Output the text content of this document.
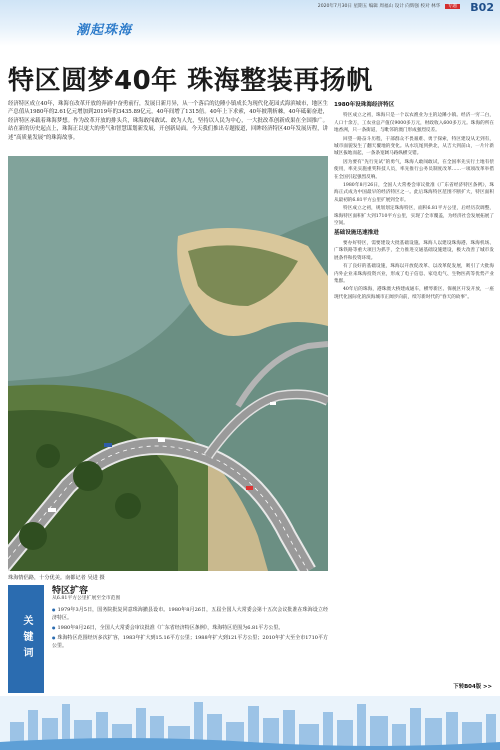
潮起珠海
2020年7月30日 星期五 编辑 周福山 设计 向辉强 校对 林华 专题 B02
特区圆梦40年 珠海整装再扬帆

经济特区成立40年，珠海在改革开放的奔涌中奋勇前行，发展日新月异，从一个落后的边陲小镇成长为现代化花园式海滨城市，地区生产总值从1980年的2.61亿元增加到2019年的3435.89亿元，40年间增了1315倍。40年上下求索，40年披荆斩棘，40年砥砺奋进，经济特区承载着珠海梦想。作为改革开放的排头兵，珠海敢闯敢试、敢为人先，坚持以人民为中心，一大批改革创新成果在全国推广。站在新的历史起点上，珠海正以更大的勇气和智慧谋划新发展，开创新局面。今天我们推出专题报道，回眸经济特区40年发展历程，讲述“高质量发展”的珠海故事。

珠海情侣路，十分优美。南都记者 吴进 摄
1980年设珠海经济特区

特区成立之初，珠海只是一个以农渔业为主的边陲小镇。经济一穷二白，人口十余万，工农业总产值仅9000多万元，财政收入600多万元。珠海的所在地香洲，只一条街道，与毗邻的澳门形成强烈反差。

回望一路奋斗历程，干部群众不畏艰难、勇于探索，特区建设从无到有，城市面貌发生了翻天覆地的变化。从水坑尾到拱北，从吉大到前山，一片片新城区拔地而起，一条条宽阔马路纵横交错。

因为要有“先行先试”的勇气，珠海人敢闯敢试，在全国率先实行土地有偿使用，率先实施重奖科技人员，率先推行公务员制度改革……一项项改革举措在全国引起强烈反响。

1980年8月26日，全国人大常委会审议批准《广东省经济特区条例》，珠海正式成为中国最早的经济特区之一。此后珠海特区范围不断扩大，特区面积从最初的6.81平方公里扩展到全市。

特区成立之初，规划划定珠海特区，面积6.81平方公里，后经历次调整，珠海特区面积扩大到1710平方公里，实现了全市覆盖，为经济社会发展拓展了空间。

基础设施迅速推进

要办好特区，需要建设大批基础设施。珠海人以建设珠海港、珠海机场、广珠铁路等重大项目为抓手，全力推进交通基础设施建设，极大改善了城市发展条件和投资环境。

有了良好的基础设施，珠海以开放促改革、以改革促发展，吸引了大批海内外企业来珠海投资兴业，形成了电子信息、家电电气、生物医药等优势产业集群。

40年后的珠海，港珠澳大桥建成通车，横琴新区、保税区开发开放，一座现代化国际化的滨海城市正阔步向前，续写新时代的“春天的故事”。

关键词
特区扩容
从6.81平方公里扩展至全市范围
● 1979年3月5日，国务院批复同意珠海撤县设市。1980年8月26日，五届全国人大常委会第十五次会议批准在珠海设立经济特区。
● 1980年8月26日，全国人大常委会审议批准《广东省经济特区条例》，珠海特区范围为6.81平方公里。
● 珠海特区范围经历多次扩容，1983年扩大到15.16平方公里；1988年扩大到121平方公里；2010年扩大至全市1710平方公里。
下转B04版 >>
